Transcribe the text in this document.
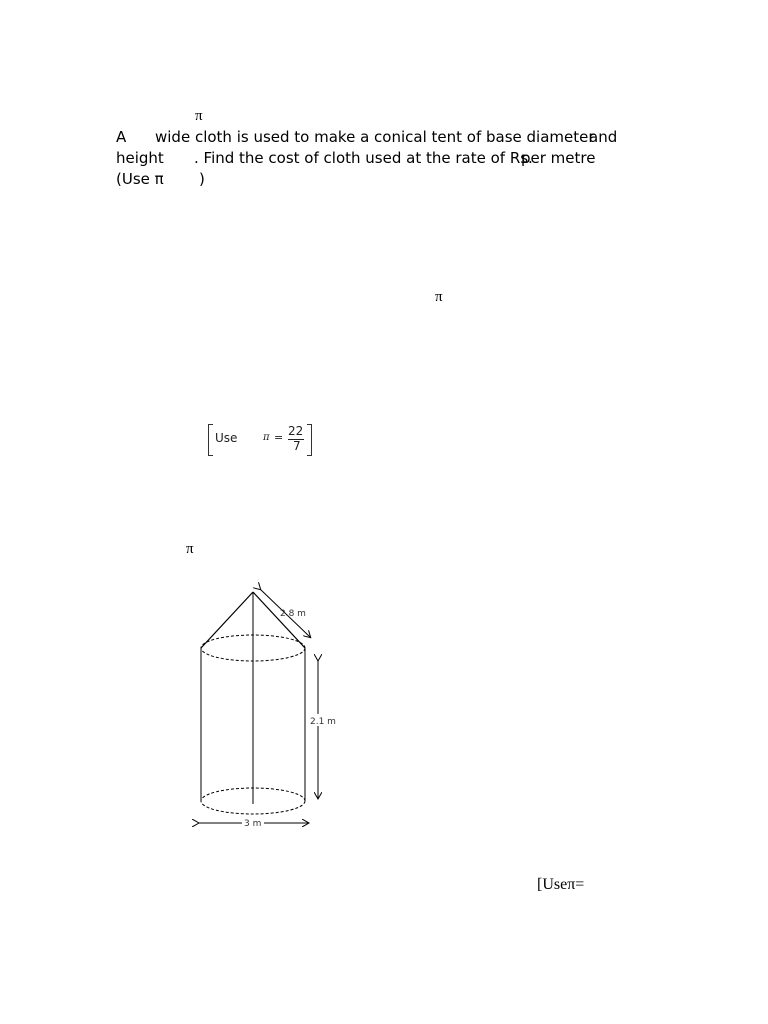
π
A wide cloth is used to make a conical tent of base diameter
and
height . Find the cost of cloth used at the rate of Rs.
per metre
(Use π )
π
Use	π = 22
7
π
2.8 m
2.1 m
3 m
[Useπ=
